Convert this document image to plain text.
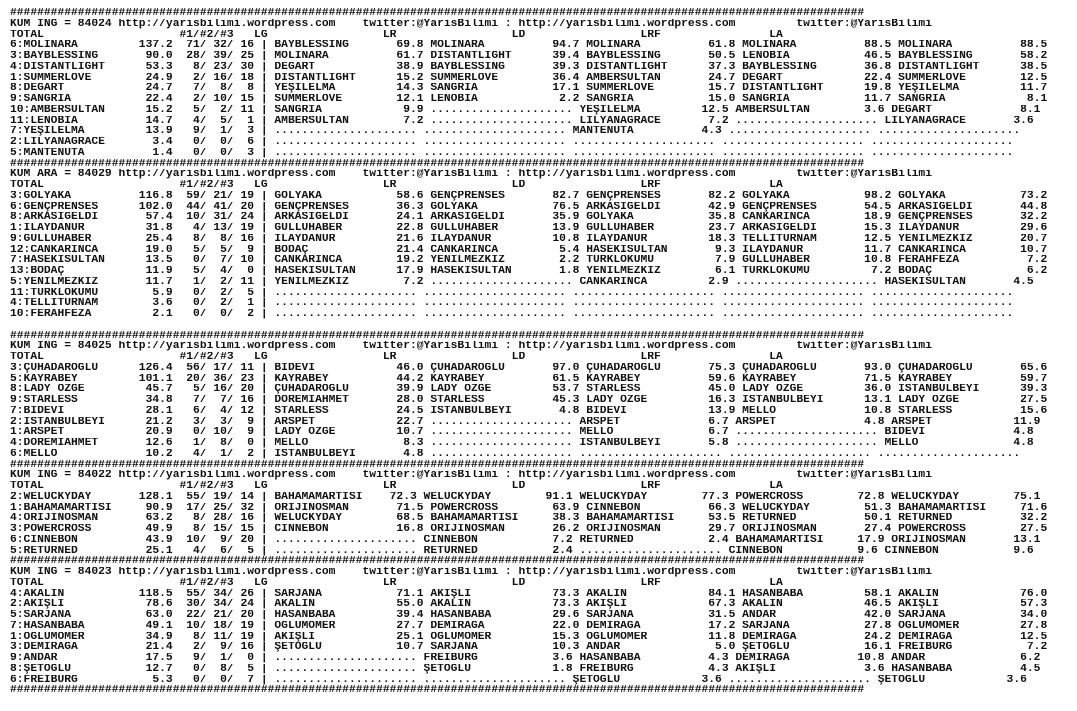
##############################################################################################################################
KUM ING = 84024 http://yarisbilimi.wordpress.com    twitter:@YarisBilimi : http://yarisbilimi.wordpress.com         twitter:@YarisBilimi
TOTAL                    #1/#2/#3   LG                 LR                 LD                 LRF                LA
6:MOLINARA         137.2  71/ 32/ 16 | BAYBLESSING       69.8 MOLINARA          94.7 MOLINARA          61.8 MOLINARA          88.5 MOLINARA          88.5
3:BAYBLESSING       90.0  28/ 39/ 25 | MOLINARA          61.7 DISTANTLIGHT      39.4 BAYBLESSING       50.5 LENOBIA           46.5 BAYBLESSING       58.2
4:DISTANTLIGHT      53.3   8/ 23/ 30 | DEGART            38.9 BAYBLESSING       39.3 DISTANTLIGHT      37.3 BAYBLESSING       36.8 DISTANTLIGHT      38.5
1:SUMMERLOVE        24.9   2/ 16/ 18 | DISTANTLIGHT      15.2 SUMMERLOVE        36.4 AMBERSULTAN       24.7 DEGART            22.4 SUMMERLOVE        12.5
8:DEGART            24.7   7/  8/  8 | YEŞİLELMA         14.3 SANGRIA           17.1 SUMMERLOVE        15.7 DISTANTLIGHT      19.8 YEŞİLELMA         11.7
9:SANGRIA           22.4   2/ 10/ 15 | SUMMERLOVE        12.1 LENOBIA            2.2 SANGRIA           15.0 SANGRIA           11.7 SANGRIA            8.1
10:AMBERSULTAN      15.2   5/  2/ 11 | SANGRIA            9.9 ..................... YEŞİLELMA         12.5 AMBERSULTAN        3.6 DEGART             8.1
11:LENOBIA          14.7   4/  5/  1 | AMBERSULTAN        7.2 ..................... LILYANAGRACE       7.2 ..................... LILYANAGRACE       3.6
7:YEŞİLELMA         13.9   9/  1/  3 | ..................... ..................... MANTENUTA          4.3 ..................... .....................
2:LILYANAGRACE       3.4   0/  0/  6 | ..................... ..................... ..................... ..................... .....................
5:MANTENUTA          1.4   0/  0/  3 | ..................... ..................... ..................... ..................... .....................
##############################################################################################################################
KUM ARA = 84029 http://yarisbilimi.wordpress.com    twitter:@YarisBilimi : http://yarisbilimi.wordpress.com         twitter:@YarisBilimi
TOTAL                    #1/#2/#3   LG                 LR                 LD                 LRF                LA
3:GÖLYAKA          116.8  59/ 21/ 19 | GÖLYAKA           58.6 GENÇPRENSES       82.7 GENÇPRENSES       82.2 GÖLYAKA           98.2 GÖLYAKA           73.2
6:GENÇPRENSES      102.0  44/ 41/ 20 | GENÇPRENSES       36.3 GÖLYAKA           76.5 ARKASIGELDİ       42.9 GENÇPRENSES       54.5 ARKASIGELDİ       44.8
8:ARKASIGELDİ       57.4  10/ 31/ 24 | ARKASIGELDİ       24.1 ARKASIGELDİ       35.9 GÖLYAKA           35.8 CANKARINCA        18.9 GENÇPRENSES       32.2
1:İLAYDANUR         31.8   4/ 13/ 19 | GÜLLÜHABER        22.8 GÜLLÜHABER        13.9 GÜLLÜHABER        23.7 ARKASIGELDİ       15.3 İLAYDANUR         29.6
9:GÜLLÜHABER        25.4   8/  8/ 16 | İLAYDANUR         21.6 İLAYDANUR         10.8 İLAYDANUR         18.3 TELLITURNAM       12.5 YENİLMEZKIZ       20.7
12:CANKARINCA       19.0   5/  5/  9 | BODAÇ             21.4 CANKARINCA         5.4 HASEKİSULTAN       9.3 İLAYDANUR         11.7 CANKARINCA        10.7
7:HASEKİSULTAN      13.5   0/  7/ 10 | CANKARINCA        19.2 YENİLMEZKIZ        2.2 TÜRKLOKUMU         7.9 GÜLLÜHABER        10.8 FERAHFEZA          7.2
13:BODAÇ            11.9   5/  4/  0 | HASEKİSULTAN      17.9 HASEKİSULTAN       1.8 YENİLMEZKIZ        6.1 TÜRKLOKUMU         7.2 BODAÇ              6.2
5:YENİLMEZKIZ       11.7   1/  2/ 11 | YENİLMEZKIZ        7.2 ..................... CANKARINCA         2.9 ..................... HASEKİSULTAN       4.5
11:TÜRKLOKUMU        5.9   0/  2/  5 | ..................... ..................... ..................... ..................... .....................
4:TELLITURNAM        3.6   0/  2/  1 | ..................... ..................... ..................... ..................... .....................
10:FERAHFEZA         2.1   0/  0/  2 | ..................... ..................... ..................... ..................... .....................
##############################################################################################################################
KUM ING = 84025 http://yarisbilimi.wordpress.com    twitter:@YarisBilimi : http://yarisbilimi.wordpress.com         twitter:@YarisBilimi
TOTAL                    #1/#2/#3   LG                 LR                 LD                 LRF                LA
3:ÇUHADAROĞLU      126.4  56/ 17/ 11 | BİDEVİ            46.0 ÇUHADAROĞLU       97.0 ÇUHADAROĞLU       75.3 ÇUHADAROĞLU       93.0 ÇUHADAROĞLU       65.6
5:KAYRABEY         101.1  20/ 36/ 23 | KAYRABEY          44.2 KAYRABEY          61.5 KAYRABEY          59.6 KAYRABEY          71.5 KAYRABEY          59.7
8:LADY ÖZGE         45.7   5/ 16/ 20 | ÇUHADAROĞLU       39.9 LADY ÖZGE         53.7 STARLESS          45.0 LADY ÖZGE         36.0 İSTANBULBEYİ      39.3
9:STARLESS          34.8   7/  7/ 16 | DOREMİAHMET       28.0 STARLESS          45.3 LADY ÖZGE         16.3 İSTANBULBEYİ      13.1 LADY ÖZGE         27.5
7:BİDEVİ            28.1   6/  4/ 12 | STARLESS          24.5 İSTANBULBEYİ       4.8 BİDEVİ            13.9 MELLO             10.8 STARLESS          15.6
2:İSTANBULBEYİ      21.2   3/  3/  9 | ARSPET            22.7 ..................... ARSPET             6.7 ARSPET             4.8 ARSPET            11.9
1:ARSPET            20.9   0/ 10/  9 | LADY ÖZGE         10.7 ..................... MELLO              6.7 ..................... BİDEVİ             4.8
4:DOREMİAHMET       12.6   1/  8/  0 | MELLO              8.3 ..................... İSTANBULBEYİ       5.8 ..................... MELLO              4.8
6:MELLO             10.2   4/  1/  2 | İSTANBULBEYİ       4.8 ..................... ..................... ..................... .....................
##############################################################################################################################
KUM ING = 84022 http://yarisbilimi.wordpress.com    twitter:@YarisBilimi : http://yarisbilimi.wordpress.com         twitter:@YarisBilimi
TOTAL                    #1/#2/#3   LG                 LR                 LD                 LRF                LA
2:WELUCKYDAY       128.1  55/ 19/ 14 | BAHAMAMARTISI    72.3 WELUCKYDAY        91.1 WELUCKYDAY        77.3 POWERCROSS        72.8 WELUCKYDAY        75.1
1:BAHAMAMARTISI     90.9  17/ 25/ 32 | ORİJİNOSMAN       71.5 POWERCROSS        63.9 CİNNEBON          66.3 WELUCKYDAY        51.3 BAHAMAMARTISI     71.6
4:ORİJİNOSMAN       63.2   8/ 28/ 16 | WELUCKYDAY        68.5 BAHAMAMARTISI     38.3 BAHAMAMARTISI     53.5 RETURNED          50.1 RETURNED          32.2
3:POWERCROSS        49.9   8/ 15/ 15 | CİNNEBON          16.8 ORİJİNOSMAN       26.2 ORİJİNOSMAN       29.7 ORİJİNOSMAN       27.4 POWERCROSS        27.5
6:CİNNEBON          43.9  10/  9/ 20 | ..................... CİNNEBON           7.2 RETURNED           2.4 BAHAMAMARTISI     17.9 ORİJİNOSMAN       13.1
5:RETURNED          25.1   4/  6/  5 | ..................... RETURNED           2.4 ..................... CİNNEBON           9.6 CİNNEBON           9.6
##############################################################################################################################
KUM ING = 84023 http://yarisbilimi.wordpress.com    twitter:@YarisBilimi : http://yarisbilimi.wordpress.com         twitter:@YarisBilimi
TOTAL                    #1/#2/#3   LG                 LR                 LD                 LRF                LA
4:AKALIN           118.5  55/ 34/ 26 | SARJANA           71.1 AKIŞLI            73.3 AKALIN            84.1 HASANBABA         58.1 AKALIN            76.0
2:AKIŞLI            78.6  30/ 34/ 24 | AKALIN            55.0 AKALIN            73.3 AKIŞLI            67.3 AKALIN            46.5 AKIŞLI            57.3
5:SARJANA           63.0  22/ 21/ 20 | HASANBABA         39.4 HASANBABA         29.6 SARJANA           31.5 ANDAR             42.0 SARJANA           34.0
7:HASANBABA         49.1  10/ 18/ 19 | OĞLUMÖMER         27.7 DEMİRAĞA          22.0 DEMİRAĞA          17.2 SARJANA           27.8 OĞLUMÖMER         27.8
1:OĞLUMÖMER         34.9   8/ 11/ 19 | AKIŞLI            25.1 OĞLUMÖMER         15.3 OĞLUMÖMER         11.8 DEMİRAĞA          24.2 DEMİRAĞA          12.5
3:DEMİRAĞA          21.4   2/  9/ 16 | ŞETOĞLU           10.7 SARJANA           10.3 ANDAR              5.0 ŞETOĞLU           16.1 FREIBURG           7.2
9:ANDAR             17.5   9/  1/  0 | ..................... FREIBURG           3.6 HASANBABA          4.3 DEMİRAĞA          10.8 ANDAR              6.2
8:ŞETOĞLU           12.7   0/  8/  5 | ..................... ŞETOĞLU            1.8 FREIBURG           4.3 AKIŞLI             3.6 HASANBABA          4.5
6:FREIBURG           5.3   0/  0/  7 | ..................... ..................... ŞETOĞLU            3.6 ..................... ŞETOĞLU            3.6
##############################################################################################################################
